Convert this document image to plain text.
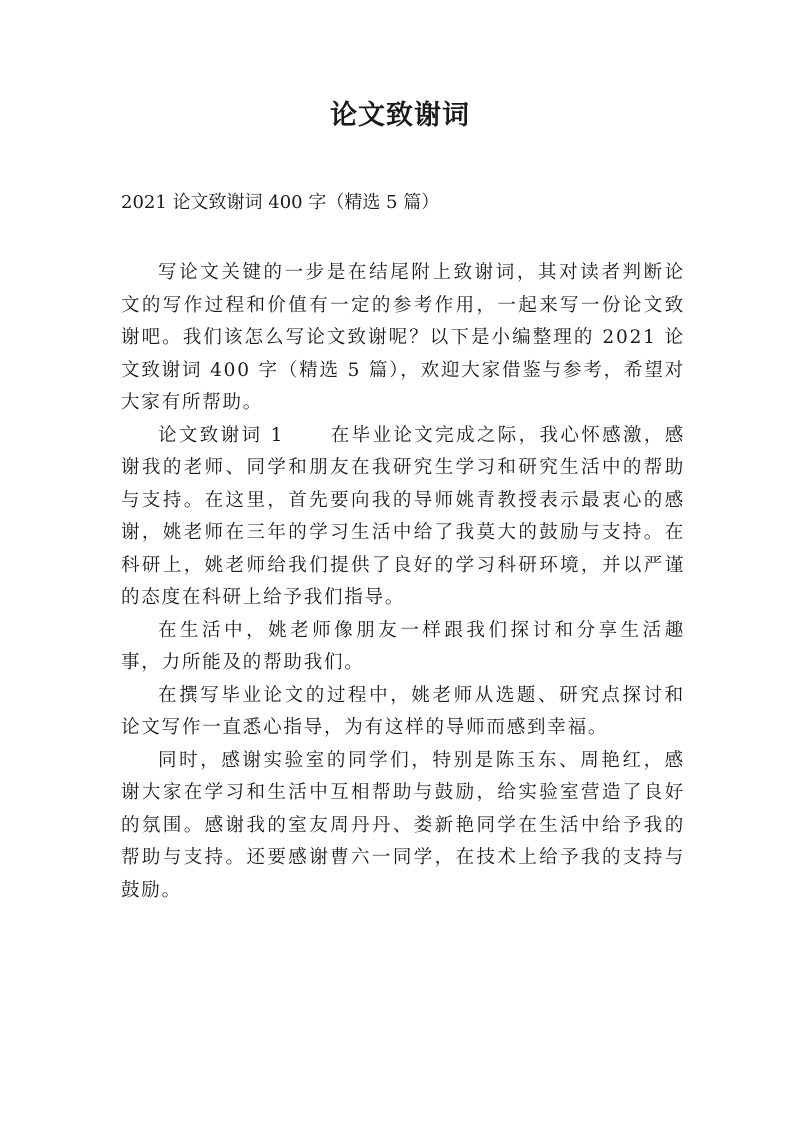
论文致谢词

2021 论文致谢词 400 字（精选 5 篇）

写论文关键的一步是在结尾附上致谢词，其对读者判断论文的写作过程和价值有一定的参考作用，一起来写一份论文致谢吧。我们该怎么写论文致谢呢？以下是小编整理的 2021 论文致谢词 400 字（精选 5 篇），欢迎大家借鉴与参考，希望对大家有所帮助。

论文致谢词 1 在毕业论文完成之际，我心怀感激，感谢我的老师、同学和朋友在我研究生学习和研究生活中的帮助与支持。在这里，首先要向我的导师姚青教授表示最衷心的感谢，姚老师在三年的学习生活中给了我莫大的鼓励与支持。在科研上，姚老师给我们提供了良好的学习科研环境，并以严谨的态度在科研上给予我们指导。

在生活中，姚老师像朋友一样跟我们探讨和分享生活趣事，力所能及的帮助我们。

在撰写毕业论文的过程中，姚老师从选题、研究点探讨和论文写作一直悉心指导，为有这样的导师而感到幸福。

同时，感谢实验室的同学们，特别是陈玉东、周艳红，感谢大家在学习和生活中互相帮助与鼓励，给实验室营造了良好的氛围。感谢我的室友周丹丹、娄新艳同学在生活中给予我的帮助与支持。还要感谢曹六一同学，在技术上给予我的支持与鼓励。
